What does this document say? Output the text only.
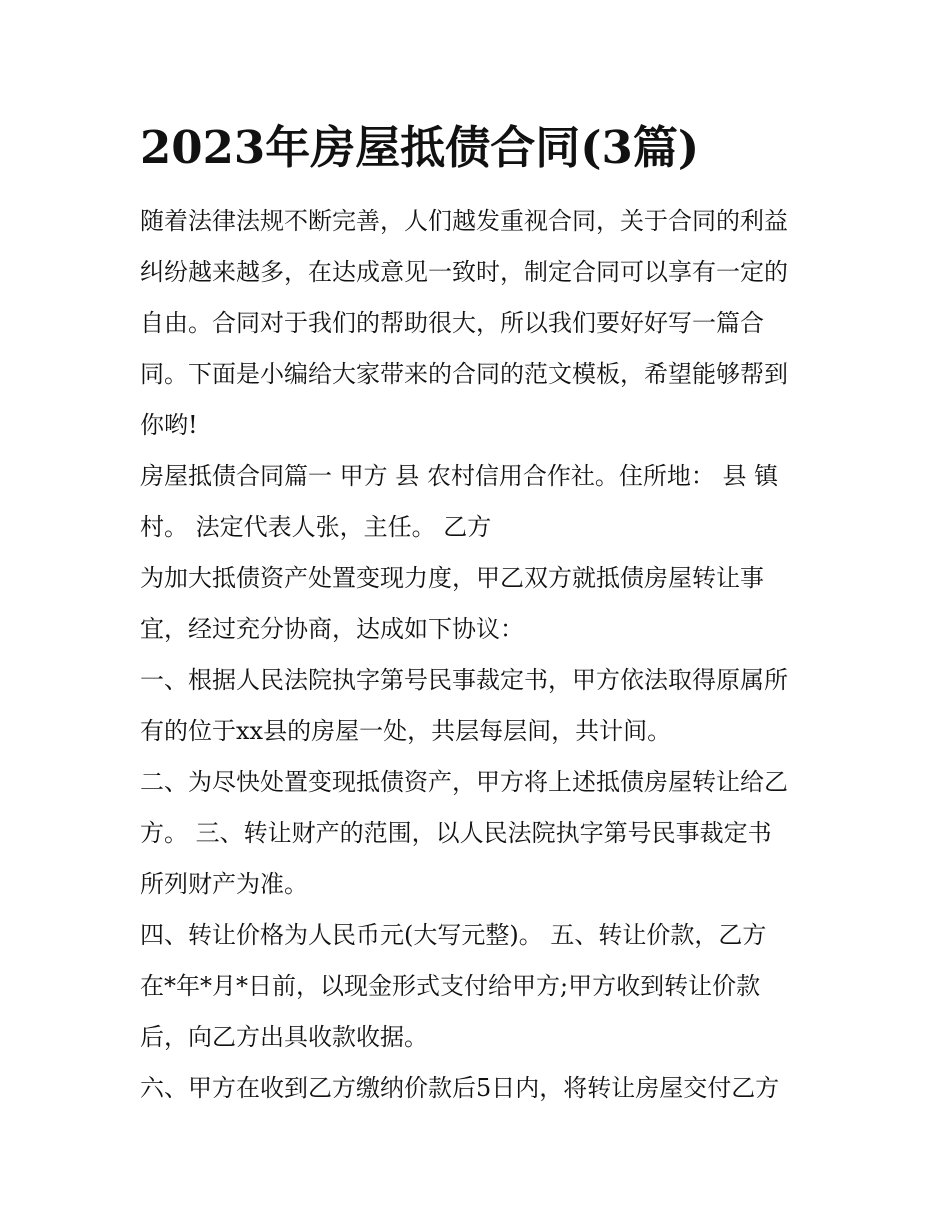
2023年房屋抵债合同(3篇)
随着法律法规不断完善，人们越发重视合同，关于合同的利益
纠纷越来越多，在达成意见一致时，制定合同可以享有一定的
自由。合同对于我们的帮助很大，所以我们要好好写一篇合
同。下面是小编给大家带来的合同的范文模板，希望能够帮到
你哟!
房屋抵债合同篇一 甲方 县 农村信用合作社。住所地： 县 镇
村。 法定代表人张，主任。 乙方
为加大抵债资产处置变现力度，甲乙双方就抵债房屋转让事
宜，经过充分协商，达成如下协议：
一、根据人民法院执字第号民事裁定书，甲方依法取得原属所
有的位于xx县的房屋一处，共层每层间，共计间。
二、为尽快处置变现抵债资产，甲方将上述抵债房屋转让给乙
方。 三、转让财产的范围，以人民法院执字第号民事裁定书
所列财产为准。
四、转让价格为人民币元(大写元整)。 五、转让价款，乙方
在*年*月*日前，以现金形式支付给甲方;甲方收到转让价款
后，向乙方出具收款收据。
六、甲方在收到乙方缴纳价款后5日内，将转让房屋交付乙方
